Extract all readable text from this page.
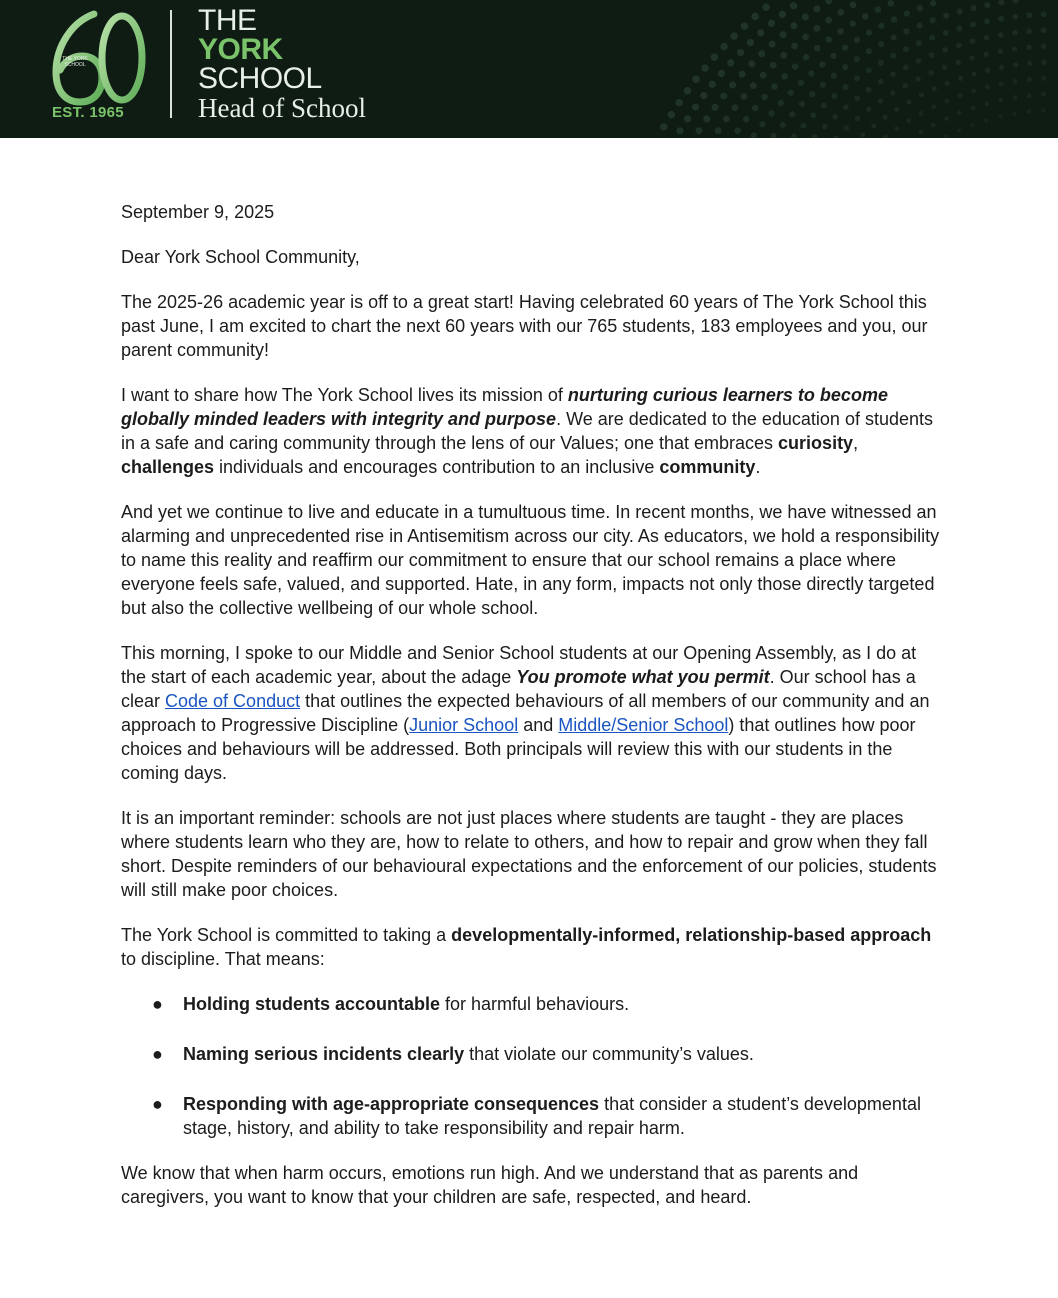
THE YORK SCHOOL
EST. 1965
THE
YORK
SCHOOL
Head of School

September 9, 2025

Dear York School Community,

The 2025-26 academic year is off to a great start! Having celebrated 60 years of The York School this past June, I am excited to chart the next 60 years with our 765 students, 183 employees and you, our parent community!

I want to share how The York School lives its mission of nurturing curious learners to become globally minded leaders with integrity and purpose. We are dedicated to the education of students in a safe and caring community through the lens of our Values; one that embraces curiosity, challenges individuals and encourages contribution to an inclusive community.

And yet we continue to live and educate in a tumultuous time. In recent months, we have witnessed an alarming and unprecedented rise in Antisemitism across our city. As educators, we hold a responsibility to name this reality and reaffirm our commitment to ensure that our school remains a place where everyone feels safe, valued, and supported. Hate, in any form, impacts not only those directly targeted but also the collective wellbeing of our whole school.

This morning, I spoke to our Middle and Senior School students at our Opening Assembly, as I do at the start of each academic year, about the adage You promote what you permit. Our school has a clear Code of Conduct that outlines the expected behaviours of all members of our community and an approach to Progressive Discipline (Junior School and Middle/Senior School) that outlines how poor choices and behaviours will be addressed. Both principals will review this with our students in the coming days.

It is an important reminder: schools are not just places where students are taught - they are places where students learn who they are, how to relate to others, and how to repair and grow when they fall short. Despite reminders of our behavioural expectations and the enforcement of our policies, students will still make poor choices.

The York School is committed to taking a developmentally-informed, relationship-based approach to discipline. That means:

● Holding students accountable for harmful behaviours.
● Naming serious incidents clearly that violate our community’s values.
● Responding with age-appropriate consequences that consider a student’s developmental stage, history, and ability to take responsibility and repair harm.

We know that when harm occurs, emotions run high. And we understand that as parents and caregivers, you want to know that your children are safe, respected, and heard.
